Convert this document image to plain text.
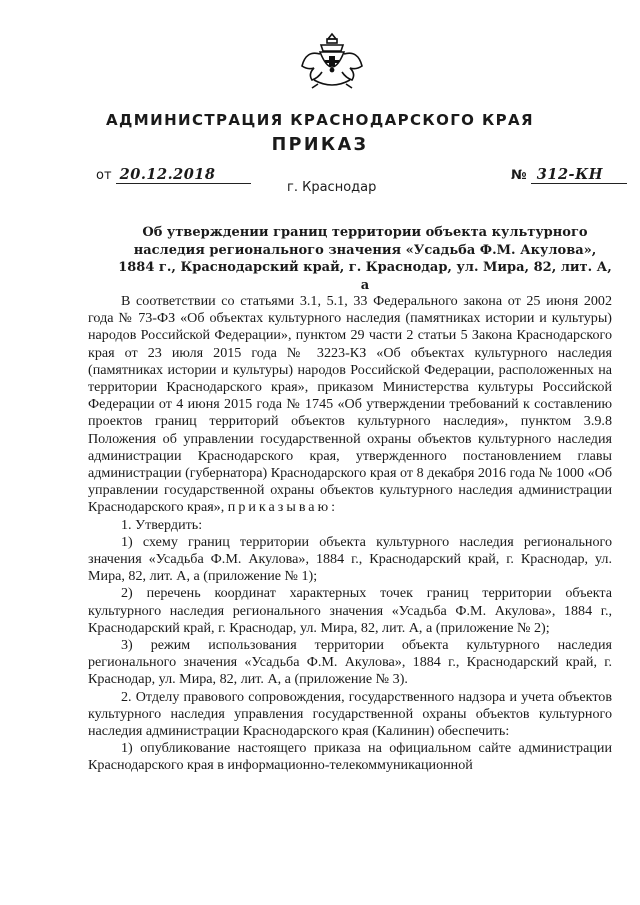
АДМИНИСТРАЦИЯ КРАСНОДАРСКОГО КРАЯ
ПРИКАЗ
от 20.12.2018	№ 312-КН
г. Краснодар
Об утверждении границ территории объекта культурного наследия регионального значения «Усадьба Ф.М. Акулова», 1884 г., Краснодарский край, г. Краснодар, ул. Мира, 82, лит. А, а

В соответствии со статьями 3.1, 5.1, 33 Федерального закона от 25 июня 2002 года № 73-ФЗ «Об объектах культурного наследия (памятниках истории и культуры) народов Российской Федерации», пунктом 29 части 2 статьи 5 Закона Краснодарского края от 23 июля 2015 года № 3223-КЗ «Об объектах культурного наследия (памятниках истории и культуры) народов Российской Федерации, расположенных на территории Краснодарского края», приказом Министерства культуры Российской Федерации от 4 июня 2015 года № 1745 «Об утверждении требований к составлению проектов границ территорий объектов культурного наследия», пунктом 3.9.8 Положения об управлении государственной охраны объектов культурного наследия администрации Краснодарского края, утвержденного постановлением главы администрации (губернатора) Краснодарского края от 8 декабря 2016 года № 1000 «Об управлении государственной охраны объектов культурного наследия администрации Краснодарского края», приказываю:

1. Утвердить:

1) схему границ территории объекта культурного наследия регионального значения «Усадьба Ф.М. Акулова», 1884 г., Краснодарский край, г. Краснодар, ул. Мира, 82, лит. А, а (приложение № 1);

2) перечень координат характерных точек границ территории объекта культурного наследия регионального значения «Усадьба Ф.М. Акулова», 1884 г., Краснодарский край, г. Краснодар, ул. Мира, 82, лит. А, а (приложение № 2);

3) режим использования территории объекта культурного наследия регионального значения «Усадьба Ф.М. Акулова», 1884 г., Краснодарский край, г. Краснодар, ул. Мира, 82, лит. А, а (приложение № 3).

2. Отделу правового сопровождения, государственного надзора и учета объектов культурного наследия управления государственной охраны объектов культурного наследия администрации Краснодарского края (Калинин) обеспечить:

1) опубликование настоящего приказа на официальном сайте администрации Краснодарского края в информационно-телекоммуникационной
